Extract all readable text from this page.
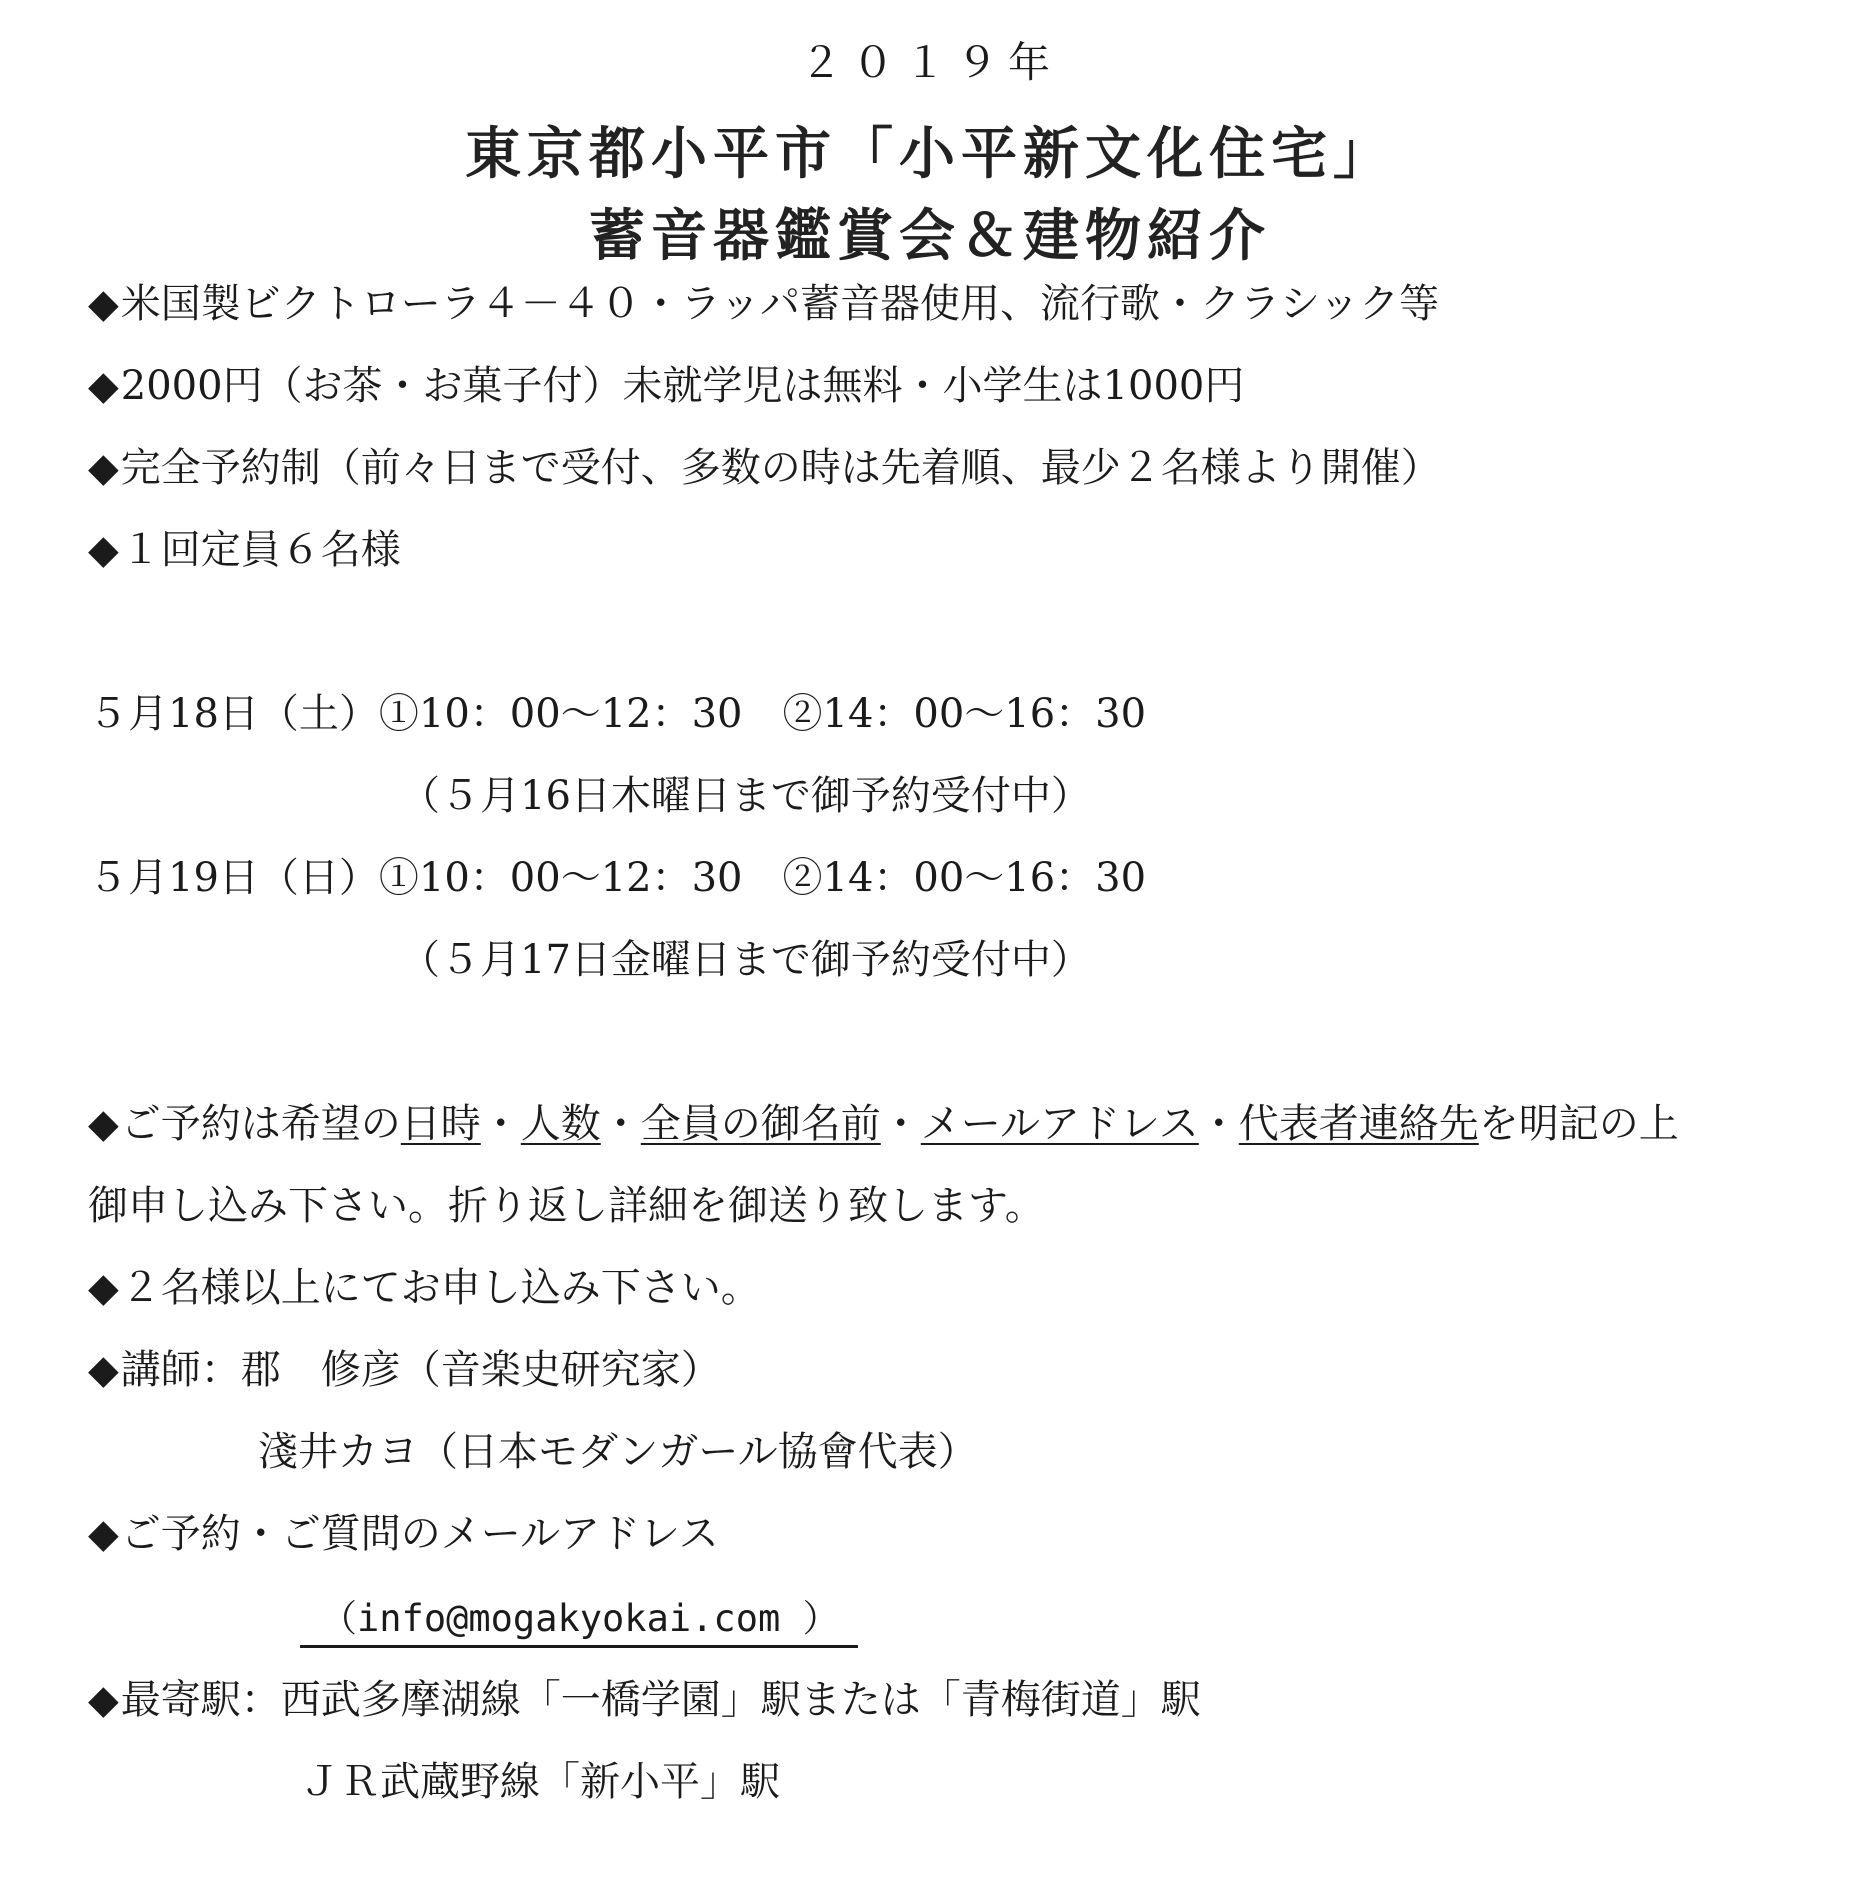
２０１９年
東京都小平市「小平新文化住宅」
蓄音器鑑賞会＆建物紹介
◆米国製ビクトローラ４－４０・ラッパ蓄音器使用、流行歌・クラシック等
◆2000円（お茶・お菓子付）未就学児は無料・小学生は1000円
◆完全予約制（前々日まで受付、多数の時は先着順、最少２名様より開催）
◆１回定員６名様
５月18日（土）①10：00～12：30　②14：00～16：30
（５月16日木曜日まで御予約受付中）
５月19日（日）①10：00～12：30　②14：00～16：30
（５月17日金曜日まで御予約受付中）
◆ご予約は希望の日時・人数・全員の御名前・メールアドレス・代表者連絡先を明記の上
御申し込み下さい。折り返し詳細を御送り致します。
◆２名様以上にてお申し込み下さい。
◆講師：郡　修彦（音楽史研究家）
淺井カヨ（日本モダンガール協會代表）
◆ご予約・ご質問のメールアドレス
（info@mogakyokai.com ）
◆最寄駅：西武多摩湖線「一橋学園」駅または「青梅街道」駅
ＪＲ武蔵野線「新小平」駅
